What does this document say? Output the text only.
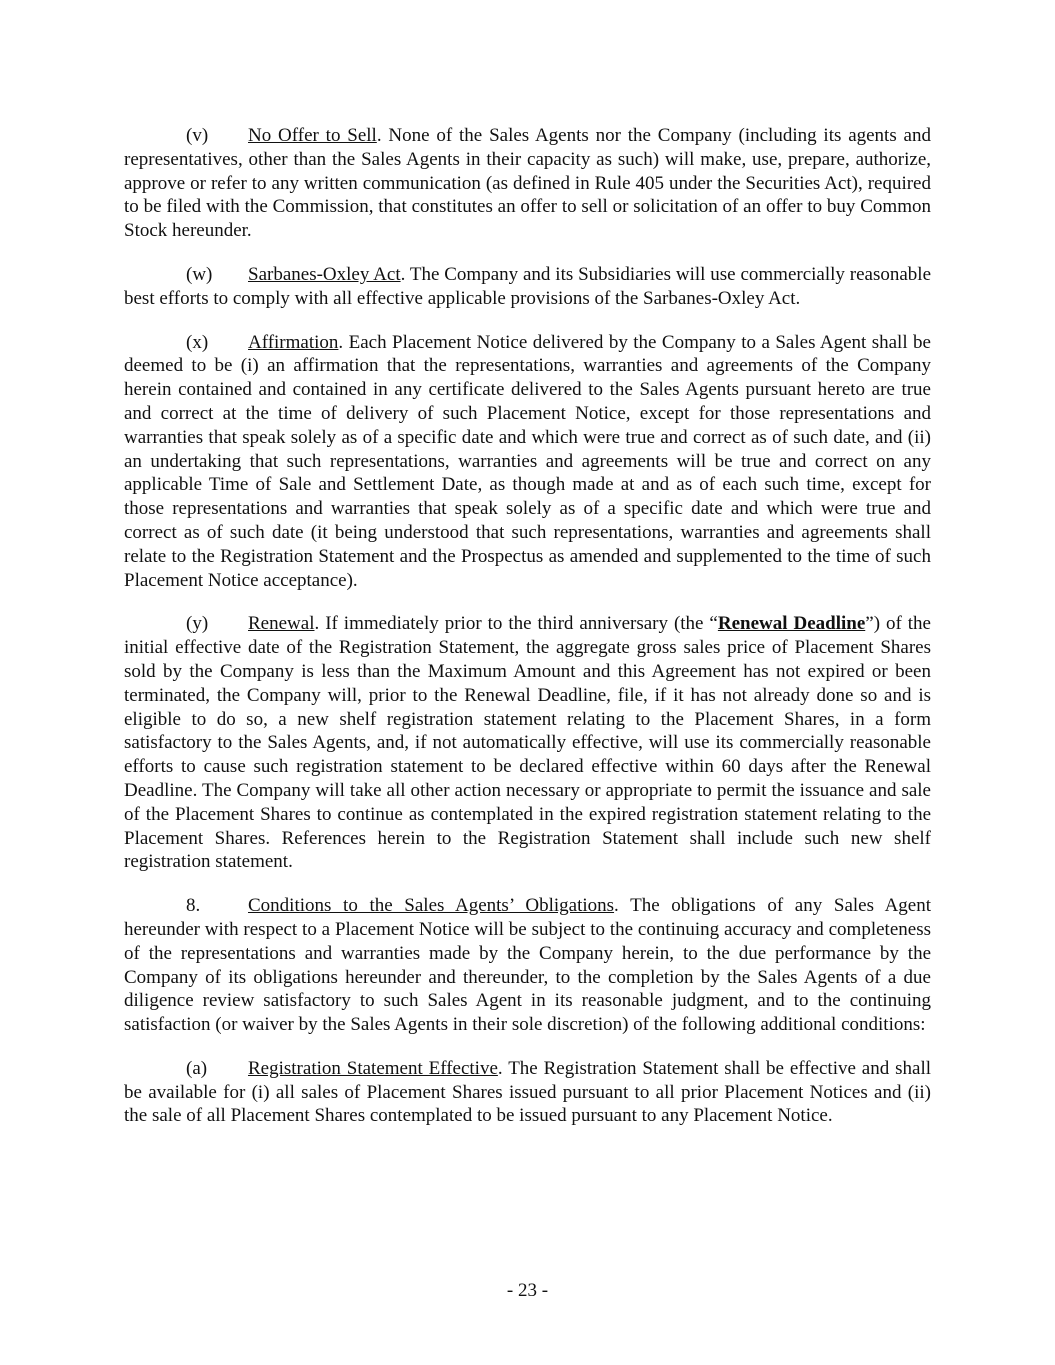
(v) No Offer to Sell. None of the Sales Agents nor the Company (including its agents and representatives, other than the Sales Agents in their capacity as such) will make, use, prepare, authorize, approve or refer to any written communication (as defined in Rule 405 under the Securities Act), required to be filed with the Commission, that constitutes an offer to sell or solicitation of an offer to buy Common Stock hereunder.

(w) Sarbanes-Oxley Act. The Company and its Subsidiaries will use commercially reasonable best efforts to comply with all effective applicable provisions of the Sarbanes-Oxley Act.

(x) Affirmation. Each Placement Notice delivered by the Company to a Sales Agent shall be deemed to be (i) an affirmation that the representations, warranties and agreements of the Company herein contained and contained in any certificate delivered to the Sales Agents pursuant hereto are true and correct at the time of delivery of such Placement Notice, except for those representations and warranties that speak solely as of a specific date and which were true and correct as of such date, and (ii) an undertaking that such representations, warranties and agreements will be true and correct on any applicable Time of Sale and Settlement Date, as though made at and as of each such time, except for those representations and warranties that speak solely as of a specific date and which were true and correct as of such date (it being understood that such representations, warranties and agreements shall relate to the Registration Statement and the Prospectus as amended and supplemented to the time of such Placement Notice acceptance).

(y) Renewal. If immediately prior to the third anniversary (the “Renewal Deadline”) of the initial effective date of the Registration Statement, the aggregate gross sales price of Placement Shares sold by the Company is less than the Maximum Amount and this Agreement has not expired or been terminated, the Company will, prior to the Renewal Deadline, file, if it has not already done so and is eligible to do so, a new shelf registration statement relating to the Placement Shares, in a form satisfactory to the Sales Agents, and, if not automatically effective, will use its commercially reasonable efforts to cause such registration statement to be declared effective within 60 days after the Renewal Deadline. The Company will take all other action necessary or appropriate to permit the issuance and sale of the Placement Shares to continue as contemplated in the expired registration statement relating to the Placement Shares. References herein to the Registration Statement shall include such new shelf registration statement.

8.	Conditions to the Sales Agents’ Obligations. The obligations of any Sales Agent hereunder with respect to a Placement Notice will be subject to the continuing accuracy and completeness of the representations and warranties made by the Company herein, to the due performance by the Company of its obligations hereunder and thereunder, to the completion by the Sales Agents of a due diligence review satisfactory to such Sales Agent in its reasonable judgment, and to the continuing satisfaction (or waiver by the Sales Agents in their sole discretion) of the following additional conditions:

(a) Registration Statement Effective. The Registration Statement shall be effective and shall be available for (i) all sales of Placement Shares issued pursuant to all prior Placement Notices and (ii) the sale of all Placement Shares contemplated to be issued pursuant to any Placement Notice.

- 23 -
